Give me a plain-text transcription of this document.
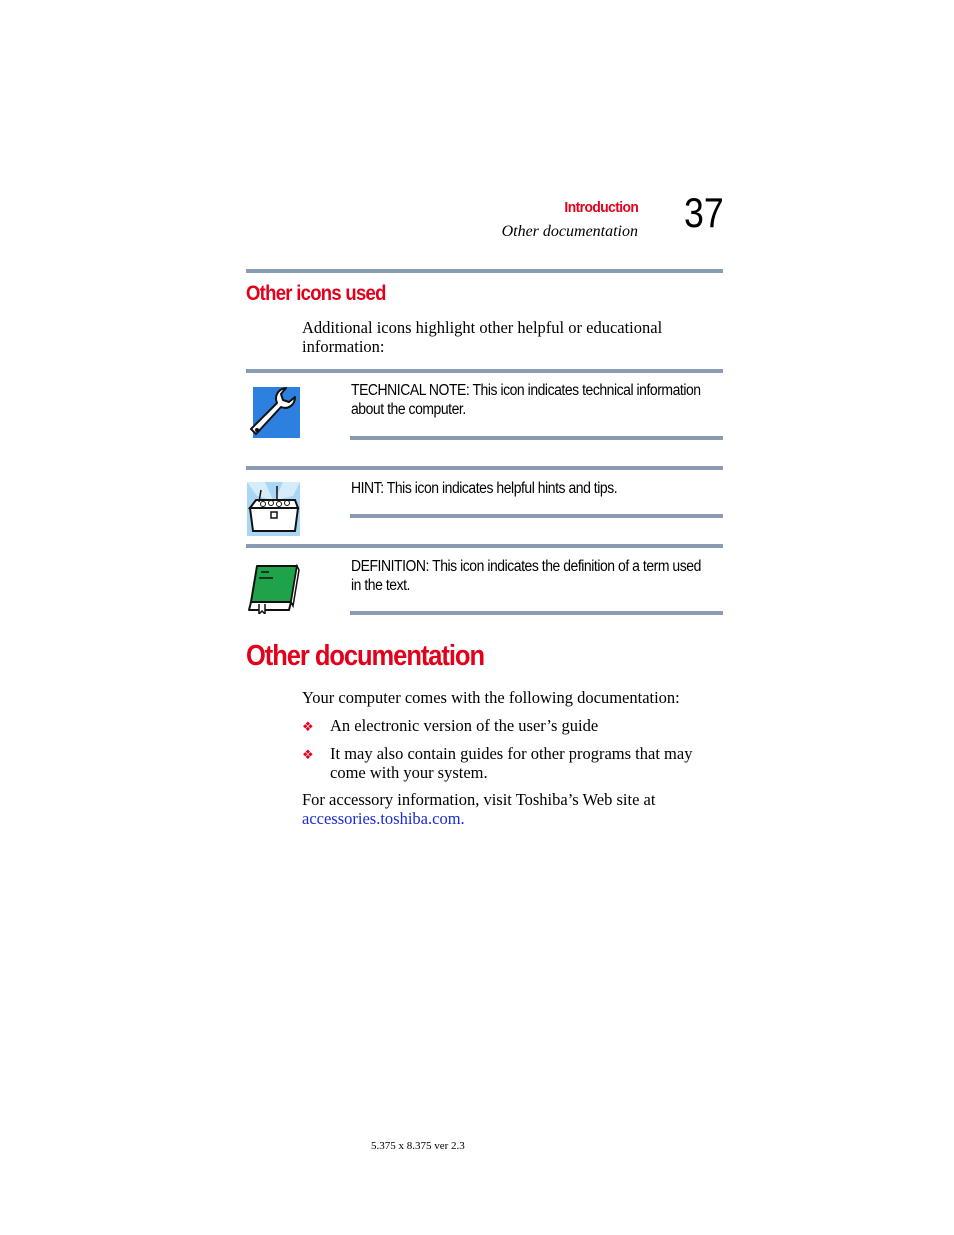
Introduction
Other documentation 37
Other icons used
Additional icons highlight other helpful or educational
information:
TECHNICAL NOTE: This icon indicates technical information
about the computer.
HINT: This icon indicates helpful hints and tips.
DEFINITION: This icon indicates the definition of a term used
in the text.
Other documentation
Your computer comes with the following documentation:
❖ An electronic version of the user’s guide
❖ It may also contain guides for other programs that may
come with your system.
For accessory information, visit Toshiba’s Web site at
accessories.toshiba.com.
5.375 x 8.375 ver 2.3
